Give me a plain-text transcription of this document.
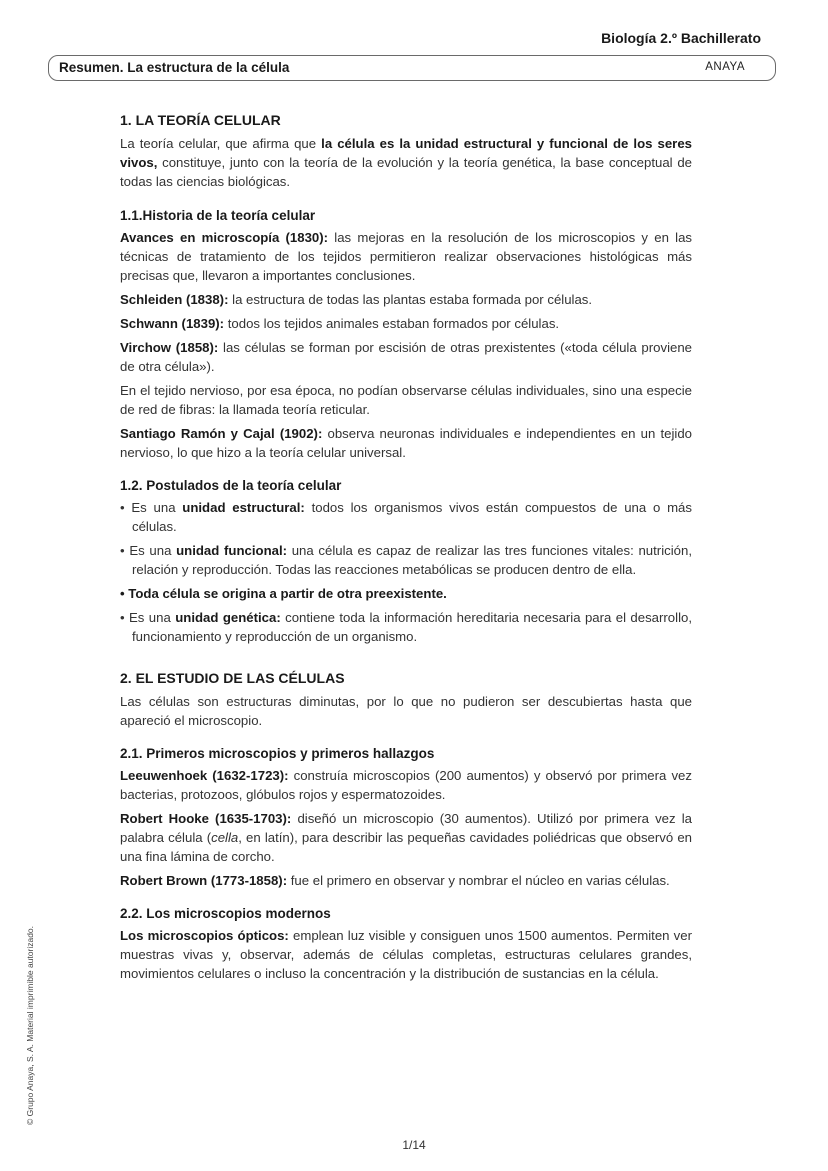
Biología 2.º Bachillerato
Resumen. La estructura de la célula	ANAYA
1. LA TEORÍA CELULAR

La teoría celular, que afirma que la célula es la unidad estructural y funcional de los seres vivos, constituye, junto con la teoría de la evolución y la teoría genética, la base conceptual de todas las ciencias biológicas.

1.1.Historia de la teoría celular

Avances en microscopía (1830): las mejoras en la resolución de los microscopios y en las técnicas de tratamiento de los tejidos permitieron realizar observaciones histológicas más precisas que, llevaron a importantes conclusiones.

Schleiden (1838): la estructura de todas las plantas estaba formada por células.

Schwann (1839): todos los tejidos animales estaban formados por células.

Virchow (1858): las células se forman por escisión de otras prexistentes («toda célula proviene de otra célula»).

En el tejido nervioso, por esa época, no podían observarse células individuales, sino una especie de red de fibras: la llamada teoría reticular.

Santiago Ramón y Cajal (1902): observa neuronas individuales e independientes en un tejido nervioso, lo que hizo a la teoría celular universal.

1.2. Postulados de la teoría celular

• Es una unidad estructural: todos los organismos vivos están compuestos de una o más células.

• Es una unidad funcional: una célula es capaz de realizar las tres funciones vitales: nutrición, relación y reproducción. Todas las reacciones metabólicas se producen dentro de ella.

• Toda célula se origina a partir de otra preexistente.

• Es una unidad genética: contiene toda la información hereditaria necesaria para el desarrollo, funcionamiento y reproducción de un organismo.

2. EL ESTUDIO DE LAS CÉLULAS

Las células son estructuras diminutas, por lo que no pudieron ser descubiertas hasta que apareció el microscopio.

2.1. Primeros microscopios y primeros hallazgos

Leeuwenhoek (1632-1723): construía microscopios (200 aumentos) y observó por primera vez bacterias, protozoos, glóbulos rojos y espermatozoides.

Robert Hooke (1635-1703): diseñó un microscopio (30 aumentos). Utilizó por primera vez la palabra célula (cella, en latín), para describir las pequeñas cavidades poliédricas que observó en una fina lámina de corcho.

Robert Brown (1773-1858): fue el primero en observar y nombrar el núcleo en varias células.

2.2. Los microscopios modernos

Los microscopios ópticos: emplean luz visible y consiguen unos 1500 aumentos. Permiten ver muestras vivas y, observar, además de células completas, estructuras celulares grandes, movimientos celulares o incluso la concentración y la distribución de sustancias en la célula.

© Grupo Anaya, S. A. Material imprimible autorizado.
1/14
